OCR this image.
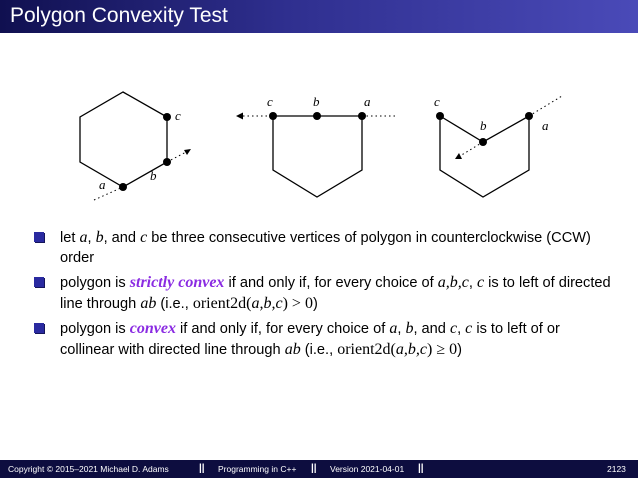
Polygon Convexity Test
a
b
c
c	b	a	c
b	a
let a, b, and c be three consecutive vertices of polygon in counterclockwise (CCW) order
polygon is strictly convex if and only if, for every choice of a,b,c, c is to left of directed line through ab (i.e., orient2d(a,b,c) > 0)
polygon is convex if and only if, for every choice of a, b, and c, c is to left of or collinear with directed line through ab (i.e., orient2d(a,b,c) ≥ 0)
Copyright © 2015–2021 Michael D. Adams	|| Programming in C++ || Version 2021-04-01 ||	2123
